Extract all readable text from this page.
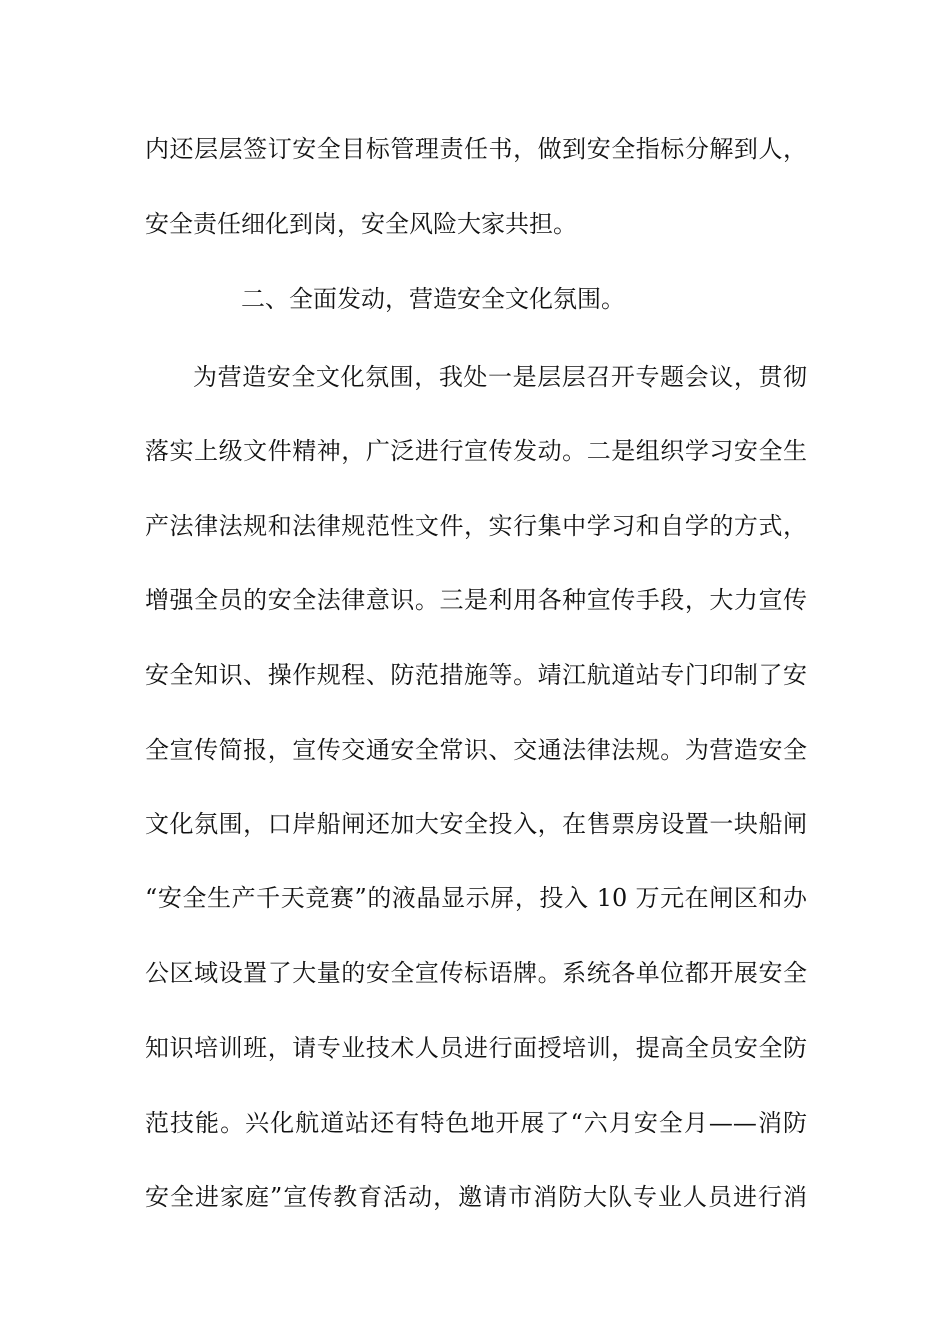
内还层层签订安全目标管理责任书，做到安全指标分解到人，
安全责任细化到岗，安全风险大家共担。
二、全面发动，营造安全文化氛围。
为营造安全文化氛围，我处一是层层召开专题会议，贯彻
落实上级文件精神，广泛进行宣传发动。二是组织学习安全生
产法律法规和法律规范性文件，实行集中学习和自学的方式，
增强全员的安全法律意识。三是利用各种宣传手段，大力宣传
安全知识、操作规程、防范措施等。靖江航道站专门印制了安
全宣传简报，宣传交通安全常识、交通法律法规。为营造安全
文化氛围，口岸船闸还加大安全投入，在售票房设置一块船闸
“安全生产千天竞赛”的液晶显示屏，投入 10 万元在闸区和办
公区域设置了大量的安全宣传标语牌。系统各单位都开展安全
知识培训班，请专业技术人员进行面授培训，提高全员安全防
范技能。兴化航道站还有特色地开展了“六月安全月——消防
安全进家庭”宣传教育活动，邀请市消防大队专业人员进行消
